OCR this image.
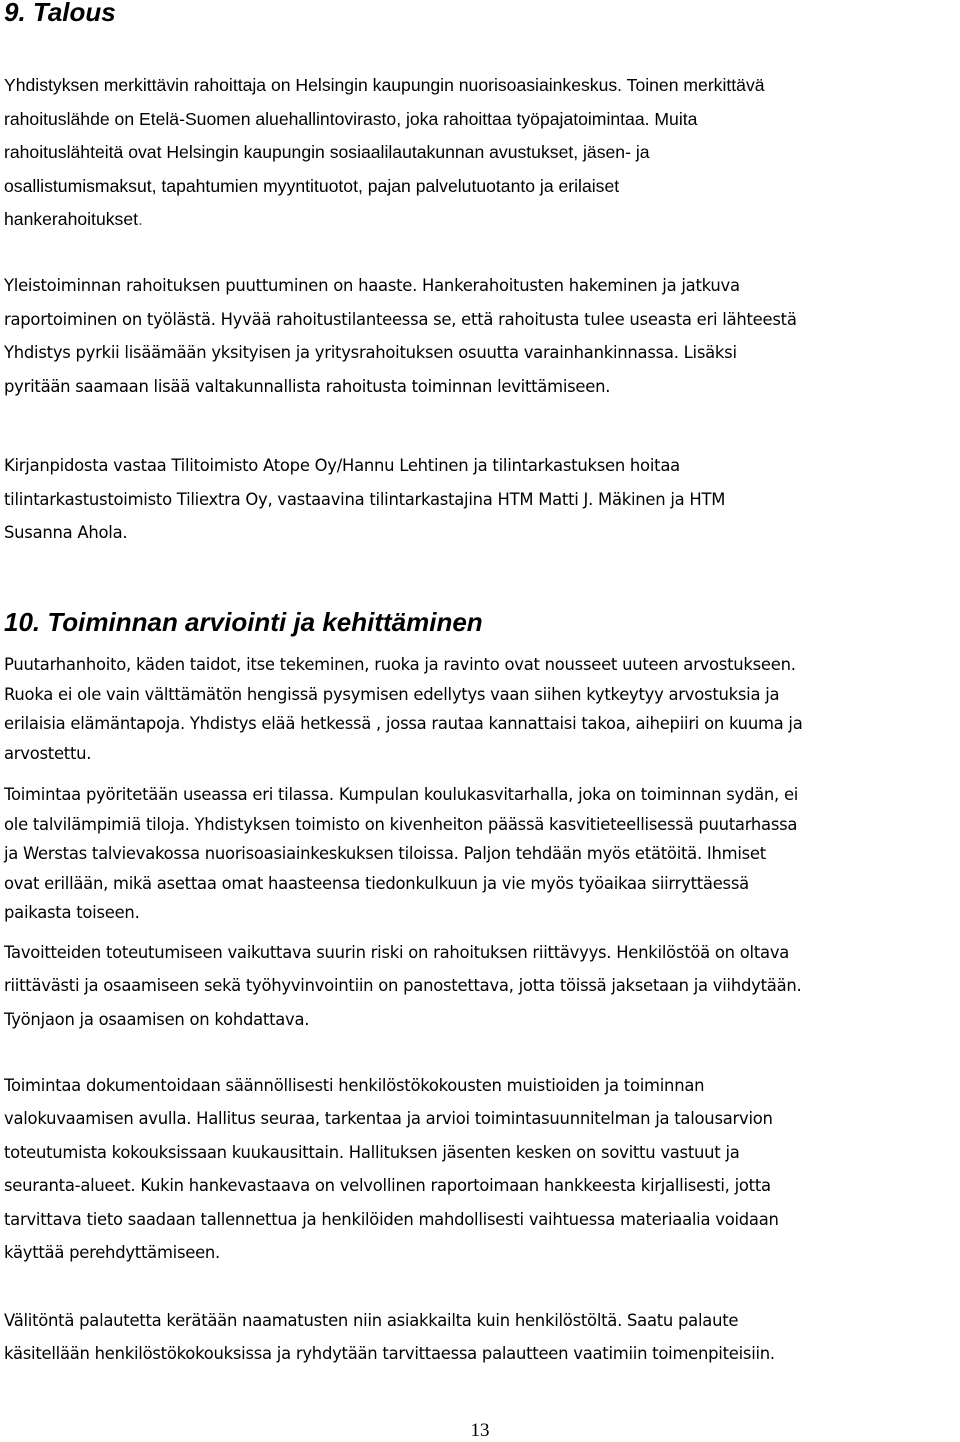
9. Talous
Yhdistyksen merkittävin rahoittaja on Helsingin kaupungin nuorisoasiainkeskus. Toinen merkittävä
rahoituslähde on Etelä-Suomen aluehallintovirasto, joka rahoittaa työpajatoimintaa. Muita
rahoituslähteitä ovat Helsingin kaupungin sosiaalilautakunnan avustukset, jäsen- ja
osallistumismaksut, tapahtumien myyntituotot, pajan palvelutuotanto ja erilaiset
hankerahoitukset.
Yleistoiminnan rahoituksen puuttuminen on haaste. Hankerahoitusten hakeminen ja jatkuva
raportoiminen on työlästä. Hyvää rahoitustilanteessa se, että rahoitusta tulee useasta eri lähteestä
Yhdistys pyrkii lisäämään yksityisen ja yritysrahoituksen osuutta varainhankinnassa. Lisäksi
pyritään saamaan lisää valtakunnallista rahoitusta toiminnan levittämiseen.
Kirjanpidosta vastaa Tilitoimisto Atope Oy/Hannu Lehtinen ja tilintarkastuksen hoitaa
tilintarkastustoimisto Tiliextra Oy, vastaavina tilintarkastajina HTM Matti J. Mäkinen ja HTM
Susanna Ahola.
10. Toiminnan arviointi ja kehittäminen
Puutarhanhoito, käden taidot, itse tekeminen, ruoka ja ravinto ovat nousseet uuteen arvostukseen.
Ruoka ei ole vain välttämätön hengissä pysymisen edellytys vaan siihen kytkeytyy arvostuksia ja
erilaisia elämäntapoja. Yhdistys elää hetkessä , jossa rautaa kannattaisi takoa, aihepiiri on kuuma ja
arvostettu.
Toimintaa pyöritetään useassa eri tilassa. Kumpulan koulukasvitarhalla, joka on toiminnan sydän, ei
ole talvilämpimiä tiloja. Yhdistyksen toimisto on kivenheiton päässä kasvitieteellisessä puutarhassa
ja Werstas talvievakossa nuorisoasiainkeskuksen tiloissa. Paljon tehdään myös etätöitä. Ihmiset
ovat erillään, mikä asettaa omat haasteensa tiedonkulkuun ja vie myös työaikaa siirryttäessä
paikasta toiseen.
Tavoitteiden toteutumiseen vaikuttava suurin riski on rahoituksen riittävyys. Henkilöstöä on oltava
riittävästi ja osaamiseen sekä työhyvinvointiin on panostettava, jotta töissä jaksetaan ja viihdytään.
Työnjaon ja osaamisen on kohdattava.
Toimintaa dokumentoidaan säännöllisesti henkilöstökokousten muistioiden ja toiminnan
valokuvaamisen avulla. Hallitus seuraa, tarkentaa ja arvioi toimintasuunnitelman ja talousarvion
toteutumista kokouksissaan kuukausittain. Hallituksen jäsenten kesken on sovittu vastuut ja
seuranta-alueet. Kukin hankevastaava on velvollinen raportoimaan hankkeesta kirjallisesti, jotta
tarvittava tieto saadaan tallennettua ja henkilöiden mahdollisesti vaihtuessa materiaalia voidaan
käyttää perehdyttämiseen.
Välitöntä palautetta kerätään naamatusten niin asiakkailta kuin henkilöstöltä. Saatu palaute
käsitellään henkilöstökokouksissa ja ryhdytään tarvittaessa palautteen vaatimiin toimenpiteisiin.
13
